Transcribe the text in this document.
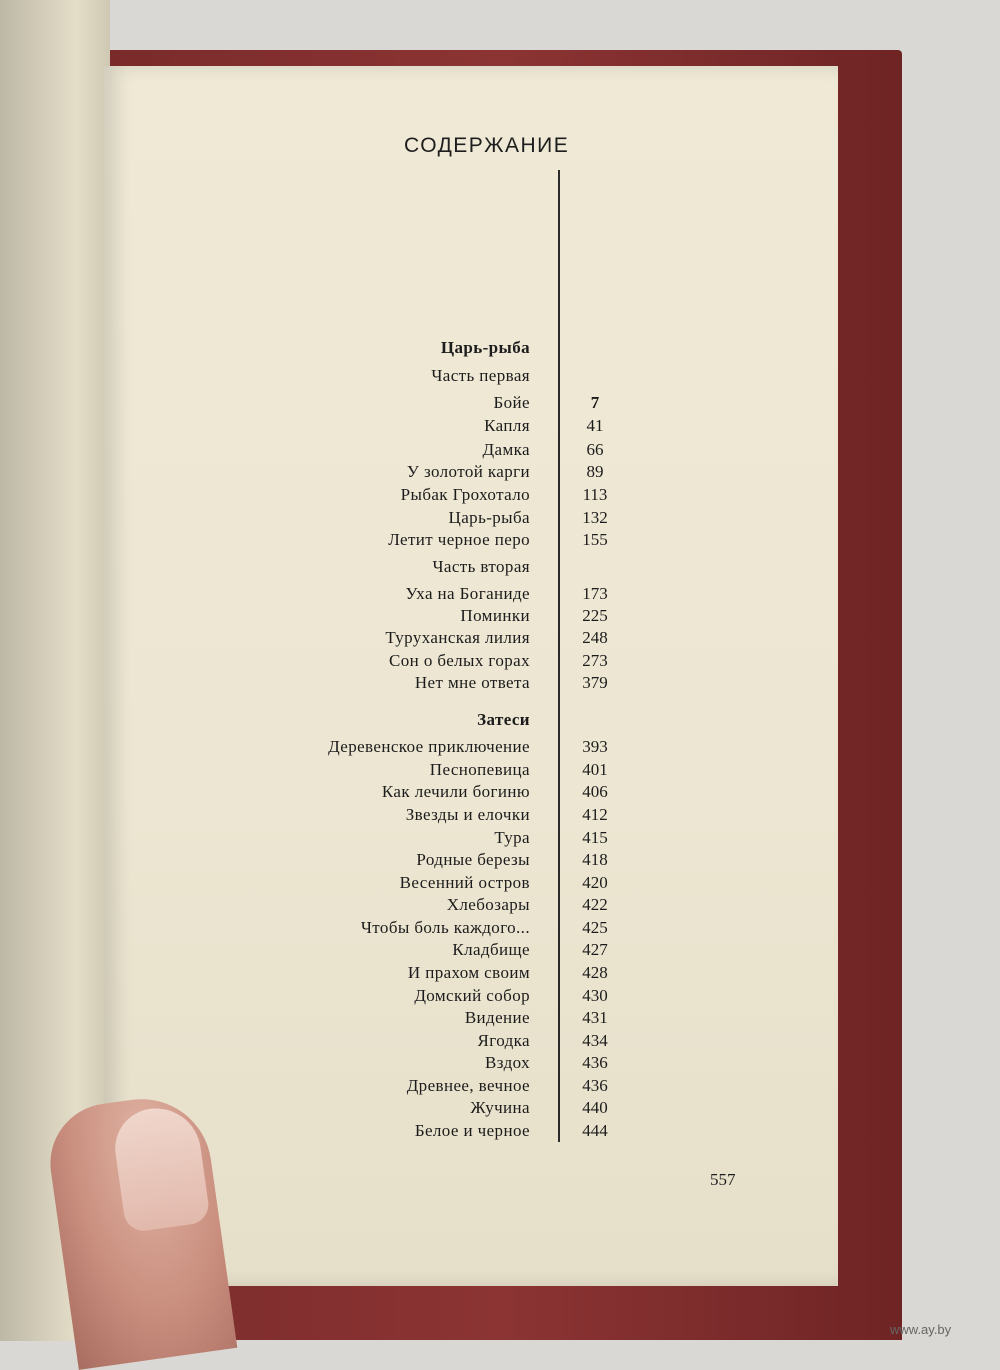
СОДЕРЖАНИЕ
Царь-рыба
Часть первая
Бойе	7
Капля	41
Дамка	66
У золотой карги	89
Рыбак Грохотало	113
Царь-рыба	132
Летит черное перо	155
Часть вторая
Уха на Боганиде	173
Поминки	225
Туруханская лилия	248
Сон о белых горах	273
Нет мне ответа	379
Затеси
Деревенское приключение	393
Песнопевица	401
Как лечили богиню	406
Звезды и елочки	412
Тура	415
Родные березы	418
Весенний остров	420
Хлебозары	422
Чтобы боль каждого...	425
Кладбище	427
И прахом своим	428
Домский собор	430
Видение	431
Ягодка	434
Вздох	436
Древнее, вечное	436
Жучина	440
Белое и черное	444
557
www.ay.by
